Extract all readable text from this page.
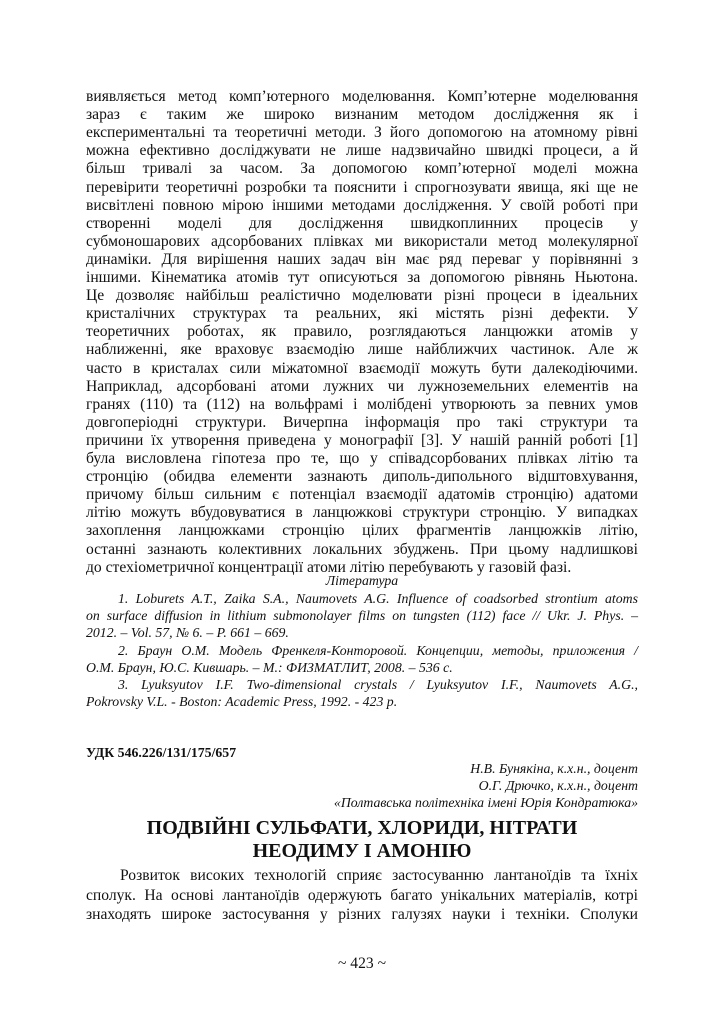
виявляється метод комп’ютерного моделювання. Комп’ютерне моделювання
зараз є таким же широко визнаним методом дослідження як і
експериментальні та теоретичні методи. З його допомогою на атомному рівні
можна ефективно досліджувати не лише надзвичайно швидкі процеси, а й
більш тривалі за часом. За допомогою комп’ютерної моделі можна
перевірити теоретичні розробки та пояснити і спрогнозувати явища, які ще не
висвітлені повною мірою іншими методами дослідження. У своїй роботі при
створенні моделі для дослідження швидкоплинних процесів у
субмоношарових адсорбованих плівках ми використали метод молекулярної
динаміки. Для вирішення наших задач він має ряд переваг у порівнянні з
іншими. Кінематика атомів тут описуються за допомогою рівнянь Ньютона.
Це дозволяє найбільш реалістично моделювати різні процеси в ідеальних
кристалічних структурах та реальних, які містять різні дефекти. У
теоретичних роботах, як правило, розглядаються ланцюжки атомів у
наближенні, яке враховує взаємодію лише найближчих частинок. Але ж
часто в кристалах сили міжатомної взаємодії можуть бути далекодіючими.
Наприклад, адсорбовані атоми лужних чи лужноземельних елементів на
гранях (110) та (112) на вольфрамі і молібдені утворюють за певних умов
довгоперіодні структури. Вичерпна інформація про такі структури та
причини їх утворення приведена у монографії [3]. У нашій ранній роботі [1]
була висловлена гіпотеза про те, що у співадсорбованих плівках літію та
стронцію (обидва елементи зазнають диполь-дипольного відштовхування,
причому більш сильним є потенціал взаємодії адатомів стронцію) адатоми
літію можуть вбудовуватися в ланцюжкові структури стронцію. У випадках
захоплення ланцюжками стронцію цілих фрагментів ланцюжків літію,
останні зазнають колективних локальних збуджень. При цьому надлишкові
до стехіометричної концентрації атоми літію перебувають у газовій фазі.
Література
1. Loburets A.T., Zaika S.A., Naumovets A.G. Influence of coadsorbed strontium atoms
on surface diffusion in lithium submonolayer films on tungsten (112) face // Ukr. J. Phys. –
2012. – Vol. 57, № 6. – P. 661 – 669.
2. Браун О.М. Модель Френкеля-Конторовой. Концепции, методы, приложения /
О.М. Браун, Ю.С. Кившарь. – М.: ФИЗМАТЛИТ, 2008. – 536 с.
3. Lyuksyutov I.F. Two-dimensional crystals / Lyuksyutov I.F., Naumovets A.G.,
Pokrovsky V.L. - Boston: Academic Press, 1992. - 423 p.
УДК 546.226/131/175/657
Н.В. Бунякіна, к.х.н., доцент
О.Г. Дрючко, к.х.н., доцент
«Полтавська політехніка імені Юрія Кондратюка»
ПОДВІЙНІ СУЛЬФАТИ, ХЛОРИДИ, НІТРАТИ
НЕОДИМУ І АМОНІЮ
Розвиток високих технологій сприяє застосуванню лантаноїдів та їхніх
сполук. На основі лантаноїдів одержують багато унікальних матеріалів, котрі
знаходять широке застосування у різних галузях науки і техніки. Сполуки
~ 423 ~
